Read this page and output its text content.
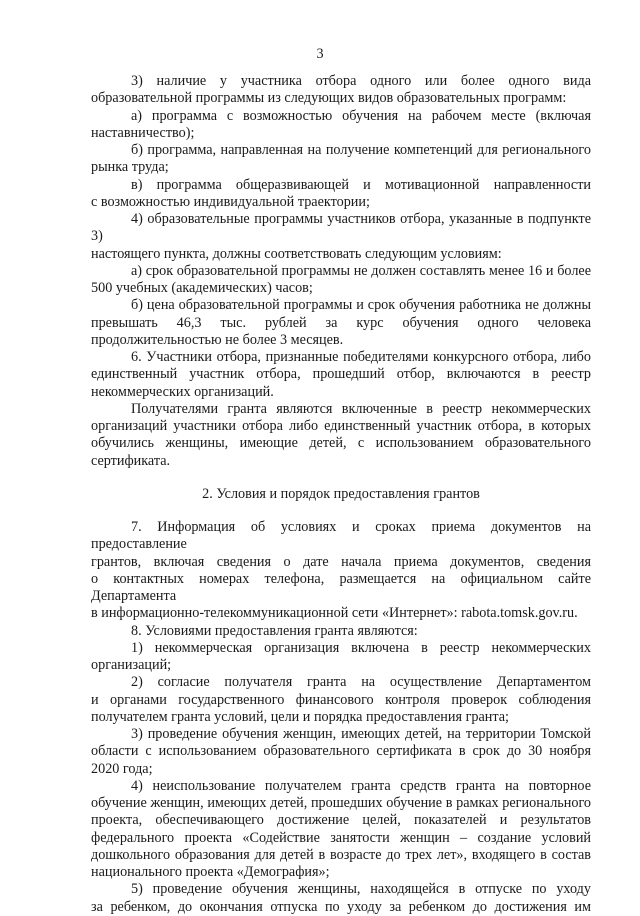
3
3) наличие у участника отбора одного или более одного вида
образовательной программы из следующих видов образовательных программ:
а) программа с возможностью обучения на рабочем месте (включая
наставничество);
б) программа, направленная на получение компетенций для регионального
рынка труда;
в) программа общеразвивающей и мотивационной направленности
с возможностью индивидуальной траектории;
4) образовательные программы участников отбора, указанные в подпункте 3)
настоящего пункта, должны соответствовать следующим условиям:
а) срок образовательной программы не должен составлять менее 16 и более
500 учебных (академических) часов;
б) цена образовательной программы и срок обучения работника не должны
превышать 46,3 тыс. рублей за курс обучения одного человека
продолжительностью не более 3 месяцев.
6. Участники отбора, признанные победителями конкурсного отбора, либо
единственный участник отбора, прошедший отбор, включаются в реестр
некоммерческих организаций.
Получателями гранта являются включенные в реестр некоммерческих
организаций участники отбора либо единственный участник отбора, в которых
обучились женщины, имеющие детей, с использованием образовательного
сертификата.
2. Условия и порядок предоставления грантов
7. Информация об условиях и сроках приема документов на предоставление
грантов, включая сведения о дате начала приема документов, сведения
о контактных номерах телефона, размещается на официальном сайте Департамента
в информационно-телекоммуникационной сети «Интернет»: rabota.tomsk.gov.ru.
8. Условиями предоставления гранта являются:
1) некоммерческая организация включена в реестр некоммерческих
организаций;
2) согласие получателя гранта на осуществление Департаментом
и органами государственного финансового контроля проверок соблюдения
получателем гранта условий, цели и порядка предоставления гранта;
3) проведение обучения женщин, имеющих детей, на территории Томской
области с использованием образовательного сертификата в срок до 30 ноября
2020 года;
4) неиспользование получателем гранта средств гранта на повторное
обучение женщин, имеющих детей, прошедших обучение в рамках регионального
проекта, обеспечивающего достижение целей, показателей и результатов
федерального проекта «Содействие занятости женщин – создание условий
дошкольного образования для детей в возрасте до трех лет», входящего в состав
национального проекта «Демография»;
5) проведение обучения женщины, находящейся в отпуске по уходу
за ребенком, до окончания отпуска по уходу за ребенком до достижения им
